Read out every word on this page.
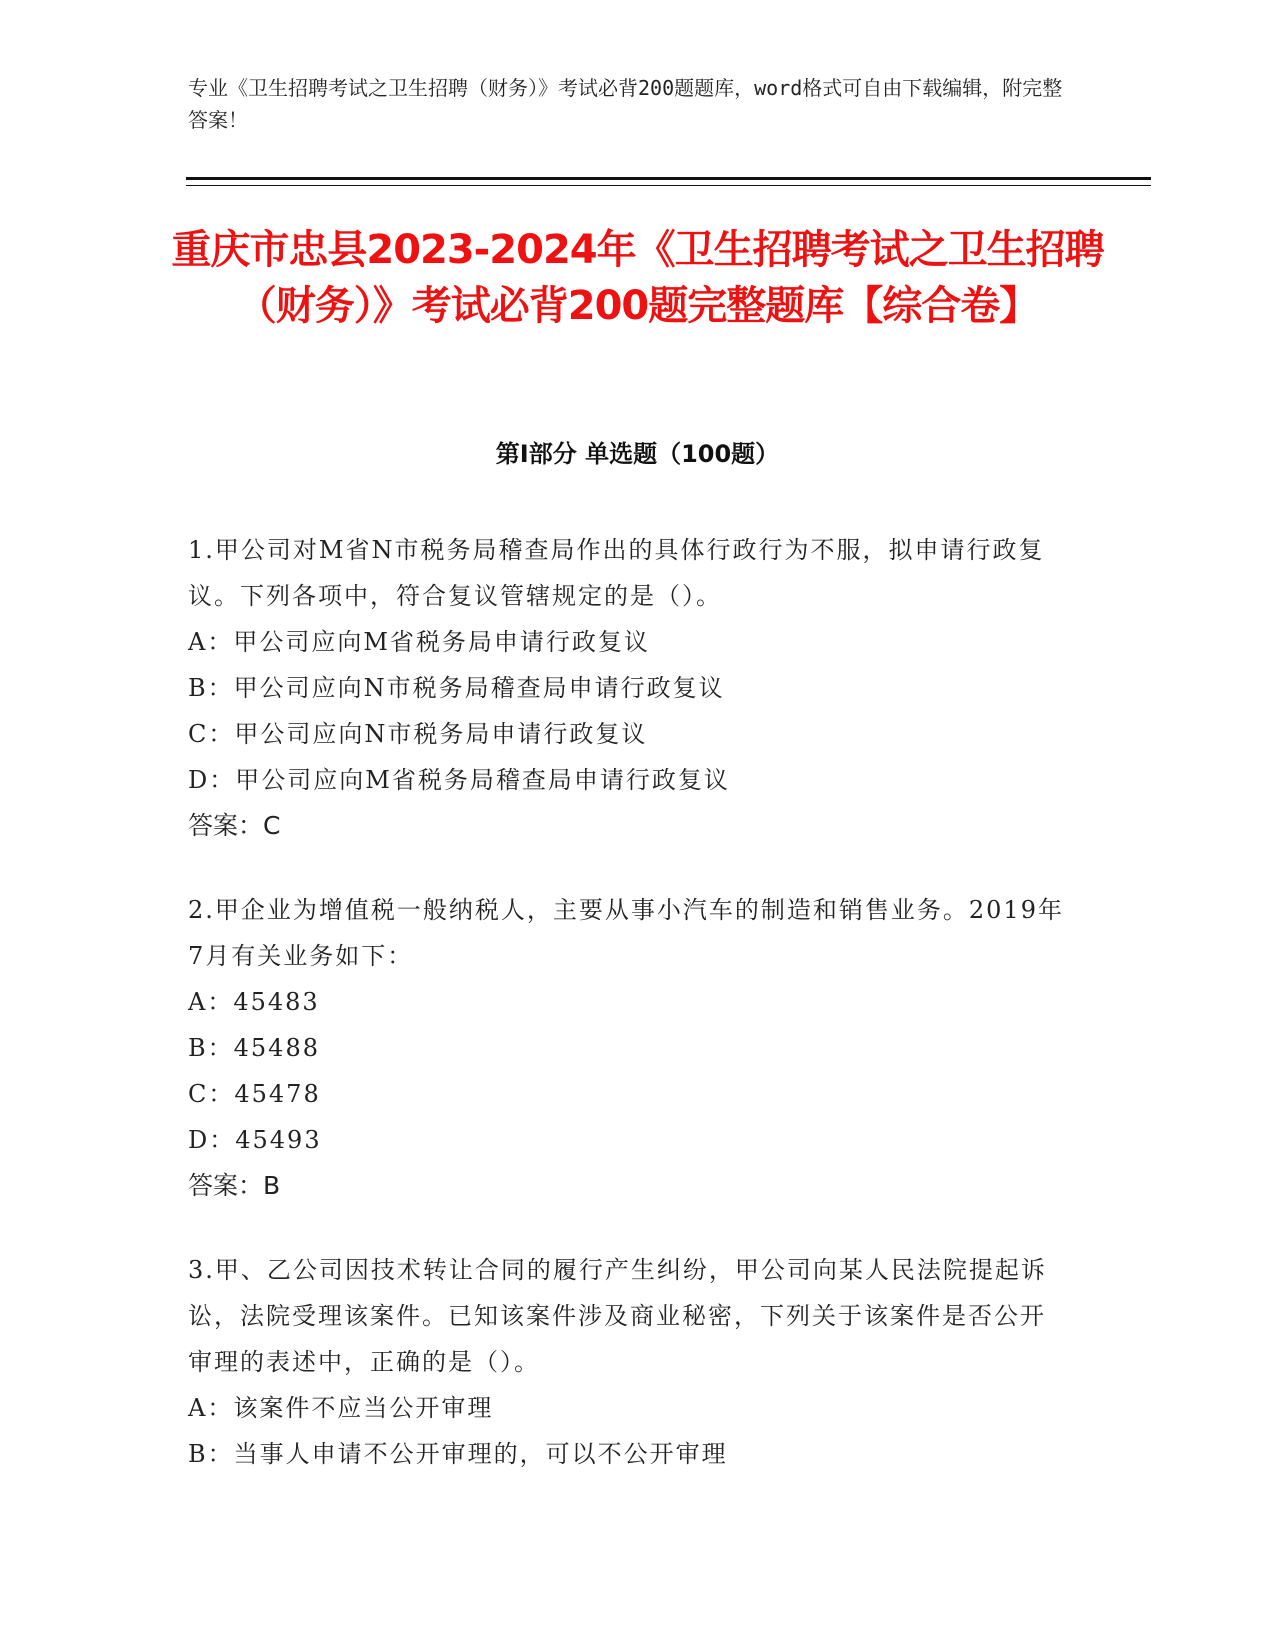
专业《卫生招聘考试之卫生招聘（财务）》考试必背200题题库，word格式可自由下载编辑，附完整答案！
重庆市忠县2023-2024年《卫生招聘考试之卫生招聘（财务）》考试必背200题完整题库【综合卷】
第I部分 单选题（100题）
1.甲公司对M省N市税务局稽查局作出的具体行政行为不服，拟申请行政复议。下列各项中，符合复议管辖规定的是（）。
A：甲公司应向M省税务局申请行政复议
B：甲公司应向N市税务局稽查局申请行政复议
C：甲公司应向N市税务局申请行政复议
D：甲公司应向M省税务局稽查局申请行政复议
答案：C
2.甲企业为增值税一般纳税人，主要从事小汽车的制造和销售业务。2019年7月有关业务如下：
A：45483
B：45488
C：45478
D：45493
答案：B
3.甲、乙公司因技术转让合同的履行产生纠纷，甲公司向某人民法院提起诉讼，法院受理该案件。已知该案件涉及商业秘密，下列关于该案件是否公开审理的表述中，正确的是（）。
A：该案件不应当公开审理
B：当事人申请不公开审理的，可以不公开审理
